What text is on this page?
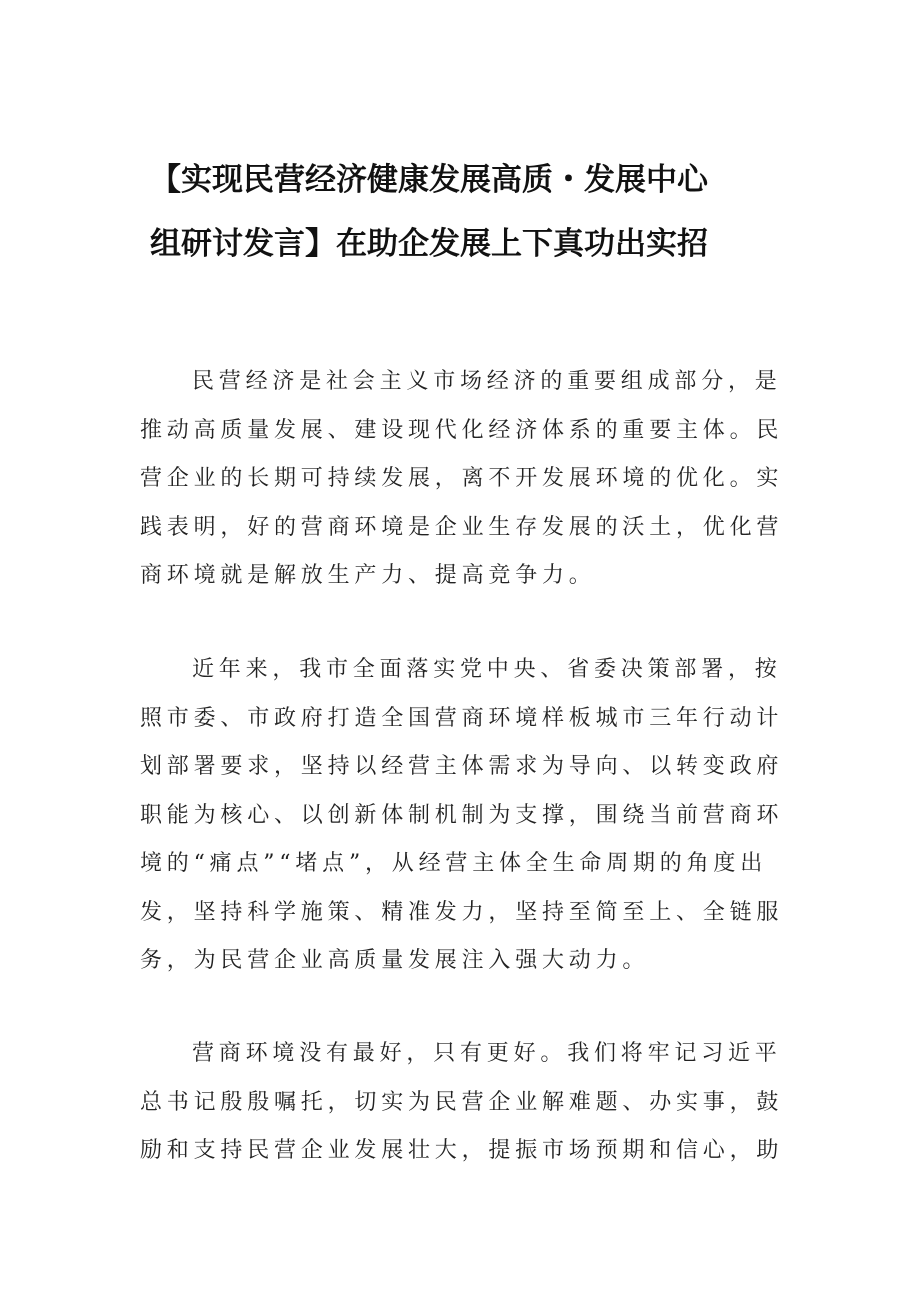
【实现民营经济健康发展高质・发展中心
组研讨发言】在助企发展上下真功出实招

民营经济是社会主义市场经济的重要组成部分，是推动高质量发展、建设现代化经济体系的重要主体。民营企业的长期可持续发展，离不开发展环境的优化。实践表明，好的营商环境是企业生存发展的沃土，优化营商环境就是解放生产力、提高竞争力。

近年来，我市全面落实党中央、省委决策部署，按照市委、市政府打造全国营商环境样板城市三年行动计划部署要求，坚持以经营主体需求为导向、以转变政府职能为核心、以创新体制机制为支撑，围绕当前营商环境的“痛点”“堵点”，从经营主体全生命周期的角度出发，坚持科学施策、精准发力，坚持至简至上、全链服务，为民营企业高质量发展注入强大动力。

营商环境没有最好，只有更好。我们将牢记习近平总书记殷殷嘱托，切实为民营企业解难题、办实事，鼓励和支持民营企业发展壮大，提振市场预期和信心，助
